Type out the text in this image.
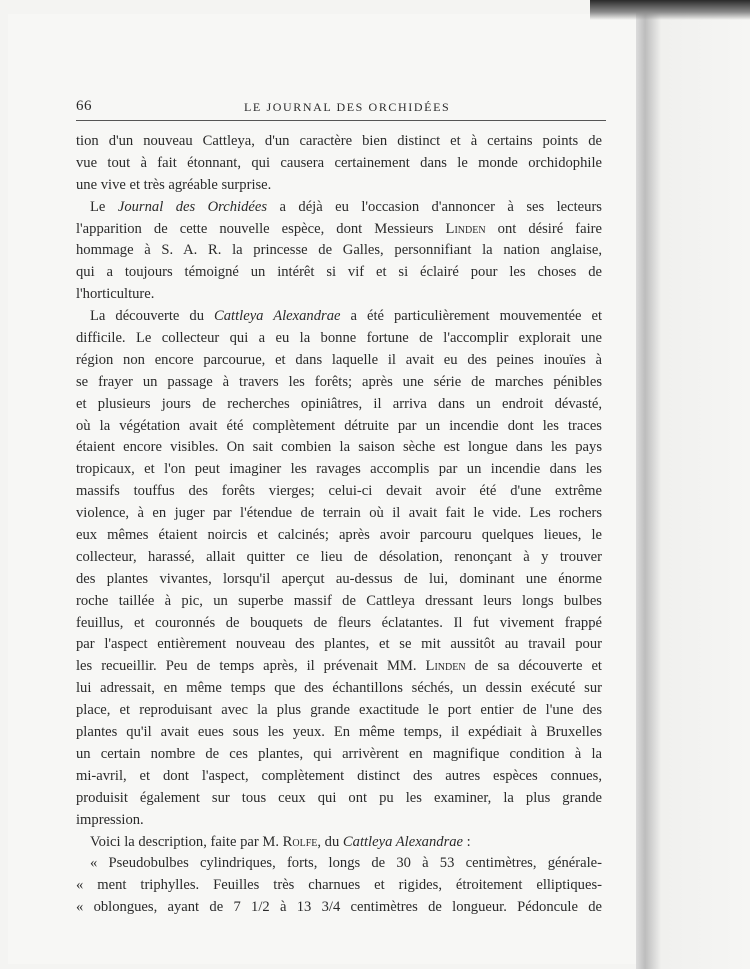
66	LE JOURNAL DES ORCHIDÉES
tion d'un nouveau Cattleya, d'un caractère bien distinct et à certains points de
vue tout à fait étonnant, qui causera certainement dans le monde orchidophile
une vive et très agréable surprise.
Le Journal des Orchidées a déjà eu l'occasion d'annoncer à ses lecteurs
l'apparition de cette nouvelle espèce, dont Messieurs Linden ont désiré faire
hommage à S. A. R. la princesse de Galles, personnifiant la nation anglaise,
qui a toujours témoigné un intérêt si vif et si éclairé pour les choses de
l'horticulture.
La découverte du Cattleya Alexandrae a été particulièrement mouvementée et
difficile. Le collecteur qui a eu la bonne fortune de l'accomplir explorait une
région non encore parcourue, et dans laquelle il avait eu des peines inouïes à
se frayer un passage à travers les forêts; après une série de marches pénibles
et plusieurs jours de recherches opiniâtres, il arriva dans un endroit dévasté,
où la végétation avait été complètement détruite par un incendie dont les traces
étaient encore visibles. On sait combien la saison sèche est longue dans les pays
tropicaux, et l'on peut imaginer les ravages accomplis par un incendie dans les
massifs touffus des forêts vierges; celui-ci devait avoir été d'une extrême
violence, à en juger par l'étendue de terrain où il avait fait le vide. Les rochers
eux mêmes étaient noircis et calcinés; après avoir parcouru quelques lieues, le
collecteur, harassé, allait quitter ce lieu de désolation, renonçant à y trouver
des plantes vivantes, lorsqu'il aperçut au-dessus de lui, dominant une énorme
roche taillée à pic, un superbe massif de Cattleya dressant leurs longs bulbes
feuillus, et couronnés de bouquets de fleurs éclatantes. Il fut vivement frappé
par l'aspect entièrement nouveau des plantes, et se mit aussitôt au travail pour
les recueillir. Peu de temps après, il prévenait MM. Linden de sa découverte et
lui adressait, en même temps que des échantillons séchés, un dessin exécuté sur
place, et reproduisant avec la plus grande exactitude le port entier de l'une des
plantes qu'il avait eues sous les yeux. En même temps, il expédiait à Bruxelles
un certain nombre de ces plantes, qui arrivèrent en magnifique condition à la
mi-avril, et dont l'aspect, complètement distinct des autres espèces connues,
produisit également sur tous ceux qui ont pu les examiner, la plus grande
impression.
Voici la description, faite par M. Rolfe, du Cattleya Alexandrae :
« Pseudobulbes cylindriques, forts, longs de 30 à 53 centimètres, générale-
« ment triphylles. Feuilles très charnues et rigides, étroitement elliptiques-
« oblongues, ayant de 7 1/2 à 13 3/4 centimètres de longueur. Pédoncule de
